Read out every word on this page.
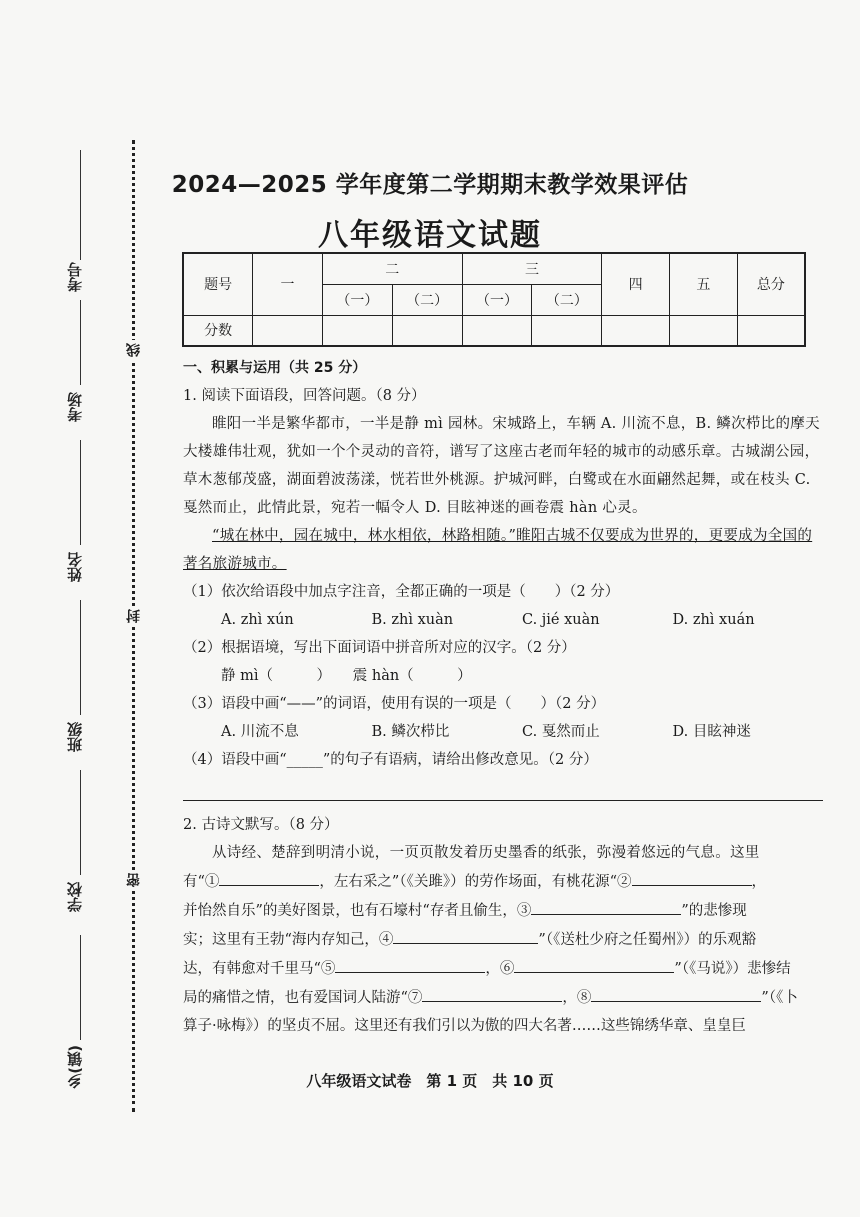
考号
考场
姓名
班级
学校
乡(镇)
线
封
密
2024—2025 学年度第二学期期末教学效果评估
八年级语文试题
题号	一	二		三		四	五	总分
		（一）	（二）	（一）	（二）			
分数								
一、积累与运用（共 25 分）
1. 阅读下面语段，回答问题。（8 分）
睢阳一半是繁华都市，一半是静 mì 园林。宋城路上，车辆 A. 川流不息，B. 鳞次栉比的摩天大楼雄伟壮观，犹如一个个灵动的音符，谱写了这座古老而年轻的城市的动感乐章。古城湖公园，草木葱郁茂盛，湖面碧波荡漾，恍若世外桃源。护城河畔，白鹭或在水面翩然起舞，或在枝头 C. 戛然而止，此情此景，宛若一幅令人 D. 目眩神迷的画卷震 hàn 心灵。
“城在林中，园在城中，林水相依，林路相随。”睢阳古城不仅要成为世界的，更要成为全国的著名旅游城市。
（1）依次给语段中加点字注音，全都正确的一项是（　　）（2 分）
A. zhì xún	B. zhì xuàn	C. jié xuàn	D. zhì xuán
（2）根据语境，写出下面词语中拼音所对应的汉字。（2 分）
静 mì（　　　）　　震 hàn（　　　）
（3）语段中画“——”的词语，使用有误的一项是（　　）（2 分）
A. 川流不息	B. 鳞次栉比	C. 戛然而止	D. 目眩神迷
（4）语段中画“_____”的句子有语病，请给出修改意见。（2 分）
2. 古诗文默写。（8 分）
从诗经、楚辞到明清小说，一页页散发着历史墨香的纸张，弥漫着悠远的气息。这里
有“①	，左右采之”（《关雎》）的劳作场面，有桃花源“②	，
并怡然自乐”的美好图景，也有石壕村“存者且偷生，③	”的悲惨现
实；这里有王勃“海内存知己，④	”（《送杜少府之任蜀州》）的乐观豁
达，有韩愈对千里马“⑤	，⑥	”（《马说》）悲惨结
局的痛惜之情，也有爱国词人陆游“⑦	，⑧	”（《卜
算子·咏梅》）的坚贞不屈。这里还有我们引以为傲的四大名著……这些锦绣华章、皇皇巨
八年级语文试卷　第 1 页　共 10 页
